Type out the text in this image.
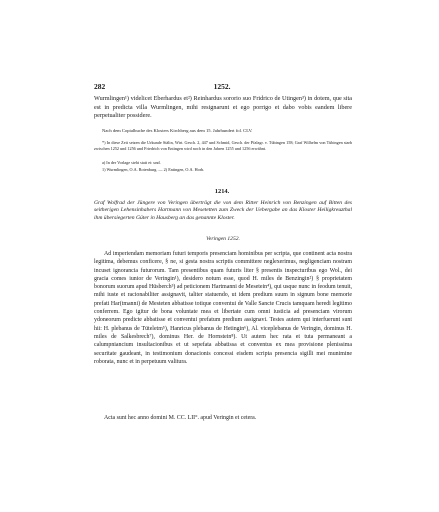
282	1252.

Wurmlingen¹) videlicet Eberhardus et²) Reinhardus sororio suo Fridrico de Utingen³) in dotem, que sita est in predicta villa Wurmlingen, mihi resignarunt et ego porrigo et dabo vobis eandem libere perpetualiter possidere.

Nach dem Copialbuche des Klosters Kirchberg aus dem 15. Jahrhundert fol. CLV.

*) In diese Zeit setzen die Urkunde Stälin, Wirt. Gesch. 2, 447 und Schmid, Gesch. der Pfalzgr. v. Tübingen 158; Graf Wilhelm von Tübingen starb zwischen 1252 und 1256 und Friedrich von Entingen wird noch in den Jahren 1255 und 1256 erwähnt.

a) In der Vorlage steht statt et: und.

1) Wurmlingen, O.A. Rotenburg. — 2) Entingen, O.A. Horb.

1214.

Graf Wolfrad der Jüngere von Veringen überträgt die von dem Ritter Heinrich von Benzingen auf Bitten des seitherigen Lehensinhabers Hartmann von Mesetetten zum Zweck der Uebergabe an das Kloster Heiligkreuzthal ihm übersiegerten Güter in Hausberg an das genannte Kloster.

Veringen 1252.

Ad imperiendam memoriam futuri temporis presenciam hominibus per scripta, que continent acta nostra legitima, debemus conficere, § ne, si gesta nostra scriptis committere neglexerimus, negligenciam nostram incuset ignorancia futurorum. Tam presentibus quam futuris liter § presentis inspecturibus ego Wol., dei gracia comes iunior de Veringin¹), desidero notum esse, quod H. miles de Benzingin²) § proprietatem bonorum suorum apud Hüsberch³) ad peticionem Hartmanni de Mesetein⁴), qui usque nunc in feodum tenuit, mihi iuste et racionabiliter assignavit, taliter statuendo, ut idem predium suum in signum bone memorie prefati Har(tmanni) de Mesteten abbatisse totique conventui de Valle Sancte Crucis tamquam heredi legitimo conferrem. Ego igitur de bona voluntate mea et libertate cum omni iusticia ad presenciam virorum ydoneorum predicte abbatisse et conventui prefatum predium assignavi. Testes autem qui interfuerunt sunt hii: H. plebanus de Tüteletm⁵), Hanricus plebanus de Hetingin⁶), Al. viceplebanus de Veringin, dominus H. miles de Salkesbrech⁷), dominus Her. de Hornstein⁸). Ut autem hec rata et tuta permaneant a calumpniancium insultacionibus et ut sepefata abbatissa et conventus ex mea provisione plenissima securitate gaudeant, in testimonium donacionis concessi eisdem scripta presencia sigilli mei munimine roborata, nunc et in perpetuum valitura.

Acta sunt hec anno domini M. CC. LII°. apud Veringin et cetera.
